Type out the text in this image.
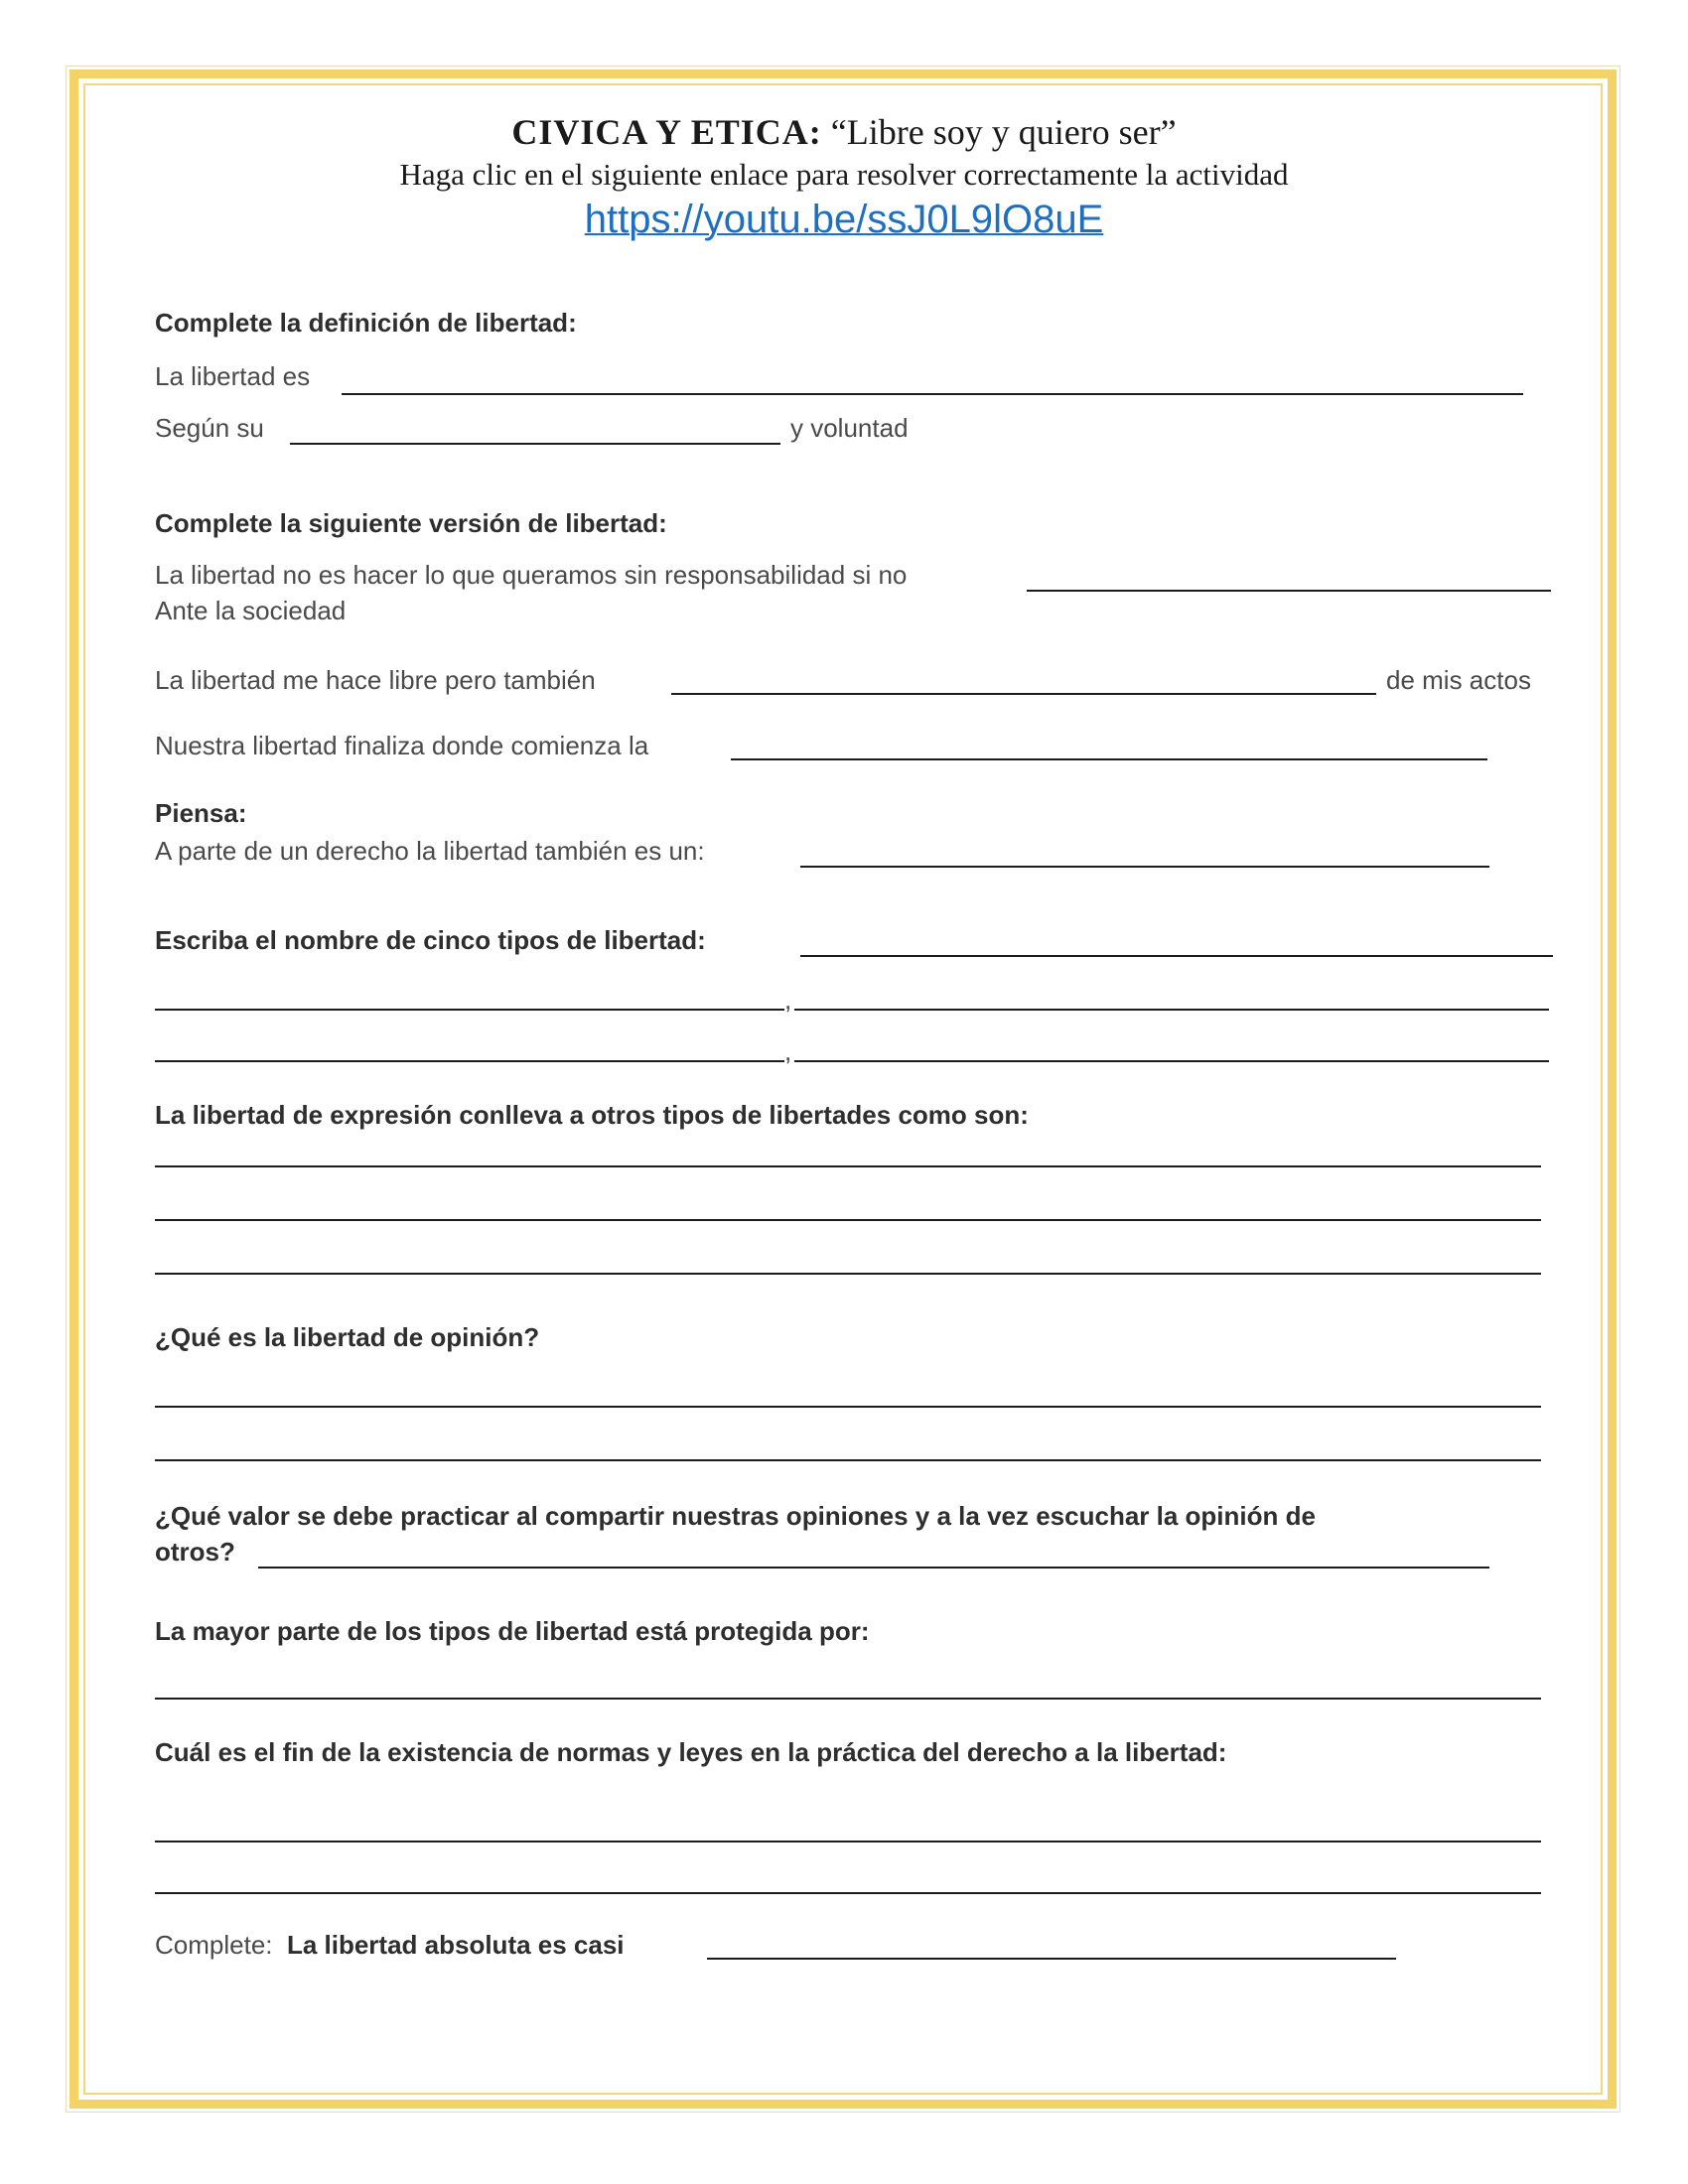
CIVICA Y ETICA: “Libre soy y quiero ser”
Haga clic en el siguiente enlace para resolver correctamente la actividad
https://youtu.be/ssJ0L9lO8uE
Complete la definición de libertad:
La libertad es
Según su	y voluntad
Complete la siguiente versión de libertad:
La libertad no es hacer lo que queramos sin responsabilidad si no
Ante la sociedad
La libertad me hace libre pero también	de mis actos
Nuestra libertad finaliza donde comienza la
Piensa:
A parte de un derecho la libertad también es un:
Escriba el nombre de cinco tipos de libertad:
,
,
La libertad de expresión conlleva a otros tipos de libertades como son:
¿Qué es la libertad de opinión?
¿Qué valor se debe practicar al compartir nuestras opiniones y a la vez escuchar la opinión de
otros?
La mayor parte de los tipos de libertad está protegida por:
Cuál es el fin de la existencia de normas y leyes en la práctica del derecho a la libertad:
Complete: La libertad absoluta es casi
